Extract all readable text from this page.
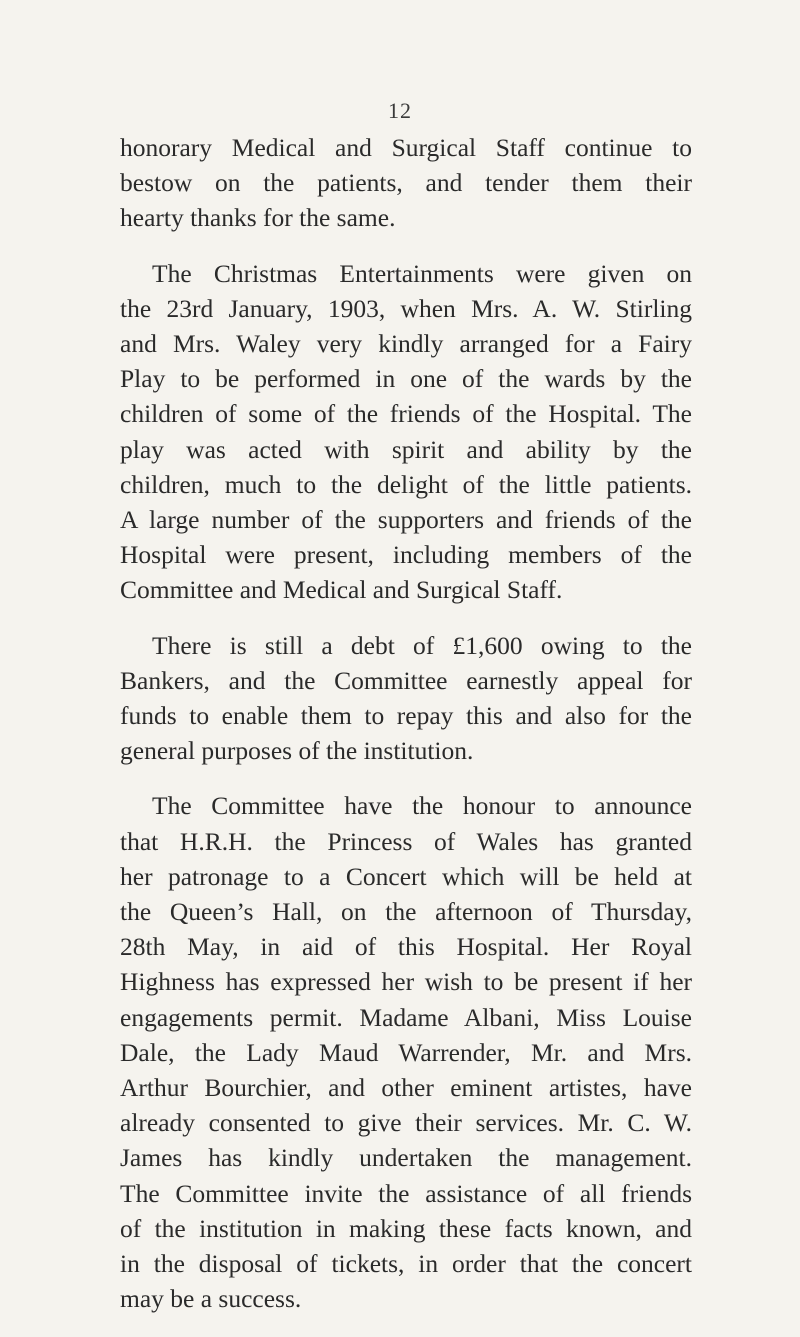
12

honorary Medical and Surgical Staff continue to
bestow on the patients, and tender them their
hearty thanks for the same.

The Christmas Entertainments were given on
the 23rd January, 1903, when Mrs. A. W. Stirling
and Mrs. Waley very kindly arranged for a Fairy
Play to be performed in one of the wards by the
children of some of the friends of the Hospital. The
play was acted with spirit and ability by the
children, much to the delight of the little patients.
A large number of the supporters and friends of the
Hospital were present, including members of the
Committee and Medical and Surgical Staff.

There is still a debt of £1,600 owing to the
Bankers, and the Committee earnestly appeal for
funds to enable them to repay this and also for the
general purposes of the institution.

The Committee have the honour to announce
that H.R.H. the Princess of Wales has granted
her patronage to a Concert which will be held at
the Queen’s Hall, on the afternoon of Thursday,
28th May, in aid of this Hospital. Her Royal
Highness has expressed her wish to be present if her
engagements permit. Madame Albani, Miss Louise
Dale, the Lady Maud Warrender, Mr. and Mrs.
Arthur Bourchier, and other eminent artistes, have
already consented to give their services. Mr. C. W.
James has kindly undertaken the management.
The Committee invite the assistance of all friends
of the institution in making these facts known, and
in the disposal of tickets, in order that the concert
may be a success.
